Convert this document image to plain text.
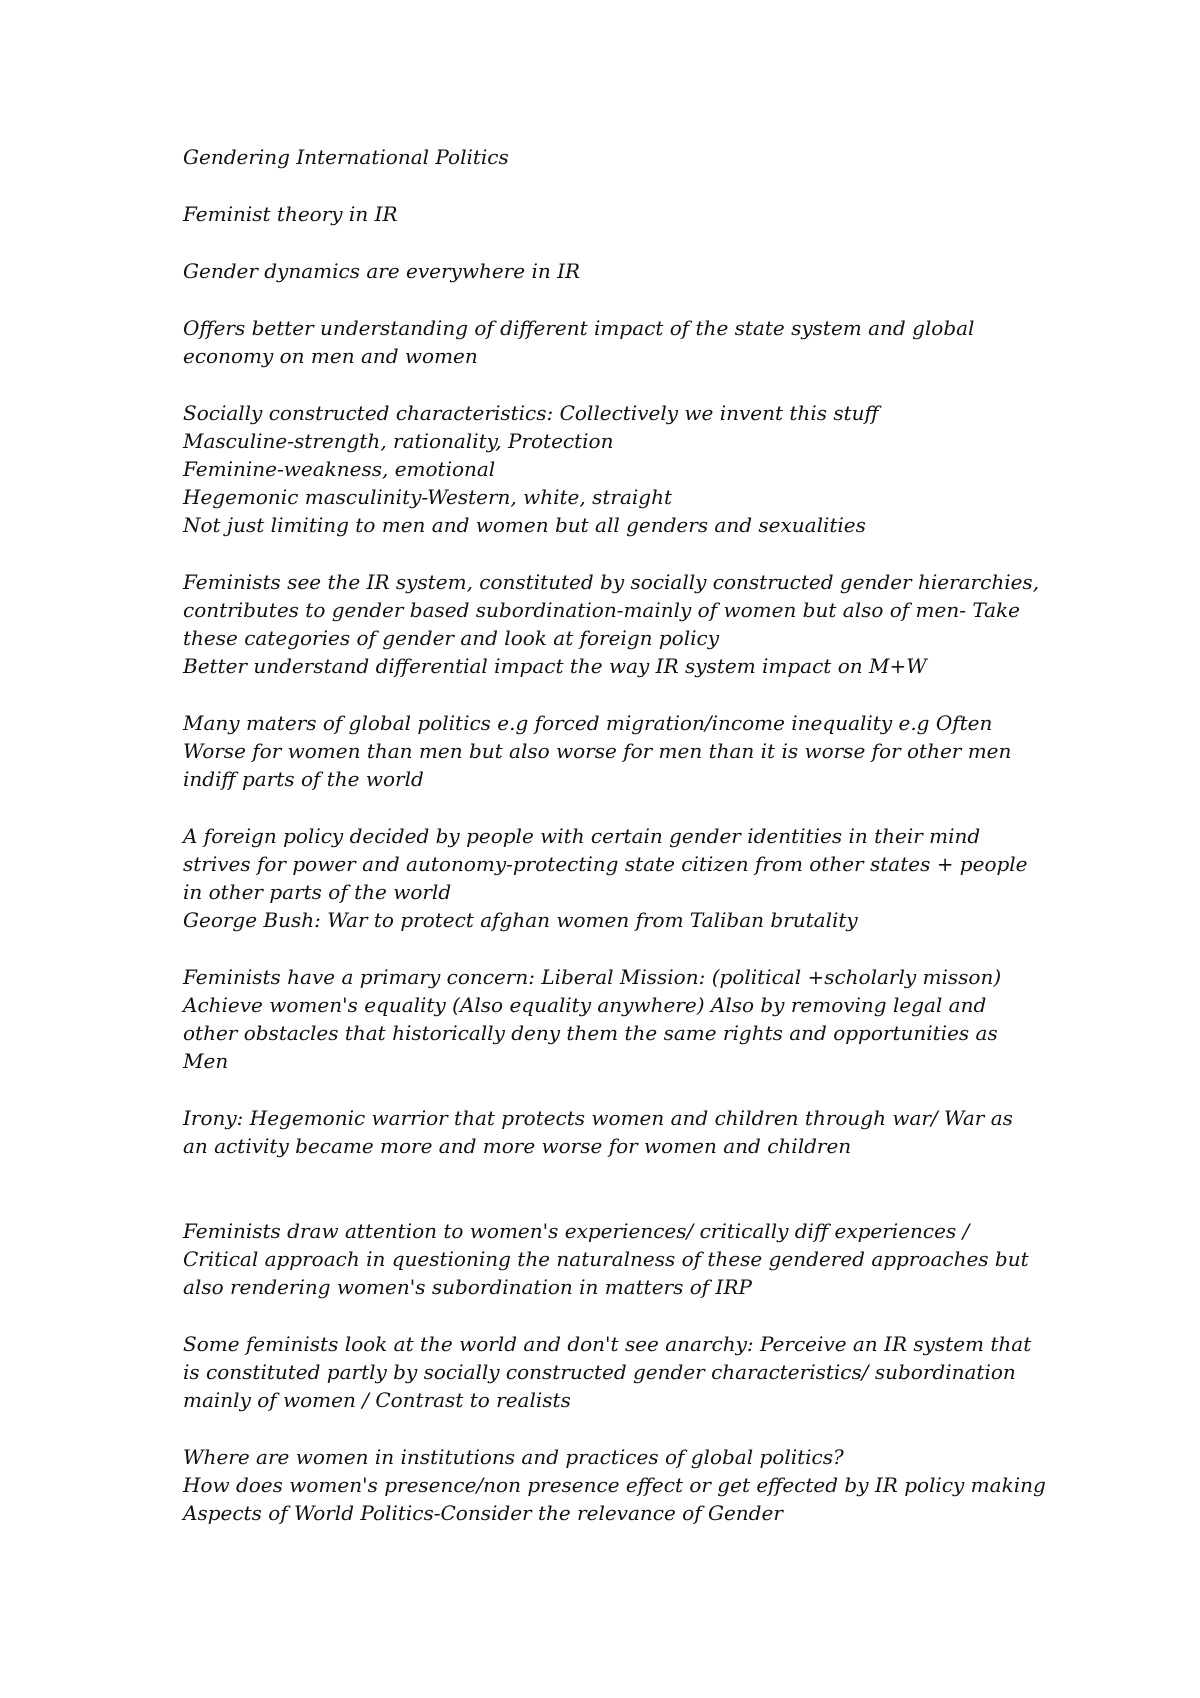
Gendering International Politics
Feminist theory in IR
Gender dynamics are everywhere in IR
Offers better understanding of different impact of the state system and global
economy on men and women
Socially constructed characteristics: Collectively we invent this stuff
Masculine-strength, rationality, Protection
Feminine-weakness, emotional
Hegemonic masculinity-Western, white, straight
Not just limiting to men and women but all genders and sexualities
Feminists see the IR system, constituted by socially constructed gender hierarchies,
contributes to gender based subordination-mainly of women but also of men- Take
these categories of gender and look at foreign policy
Better understand differential impact the way IR system impact on M+W
Many maters of global politics e.g forced migration/income inequality e.g Often
Worse for women than men but also worse for men than it is worse for other men
indiff parts of the world
A foreign policy decided by people with certain gender identities in their mind
strives for power and autonomy-protecting state citizen from other states + people
in other parts of the world
George Bush: War to protect afghan women from Taliban brutality
Feminists have a primary concern: Liberal Mission: (political +scholarly misson)
Achieve women's equality (Also equality anywhere) Also by removing legal and
other obstacles that historically deny them the same rights and opportunities as
Men
Irony: Hegemonic warrior that protects women and children through war/ War as
an activity became more and more worse for women and children
Feminists draw attention to women's experiences/ critically diff experiences /
Critical approach in questioning the naturalness of these gendered approaches but
also rendering women's subordination in matters of IRP
Some feminists look at the world and don't see anarchy: Perceive an IR system that
is constituted partly by socially constructed gender characteristics/ subordination
mainly of women / Contrast to realists
Where are women in institutions and practices of global politics?
How does women's presence/non presence effect or get effected by IR policy making
Aspects of World Politics-Consider the relevance of Gender
